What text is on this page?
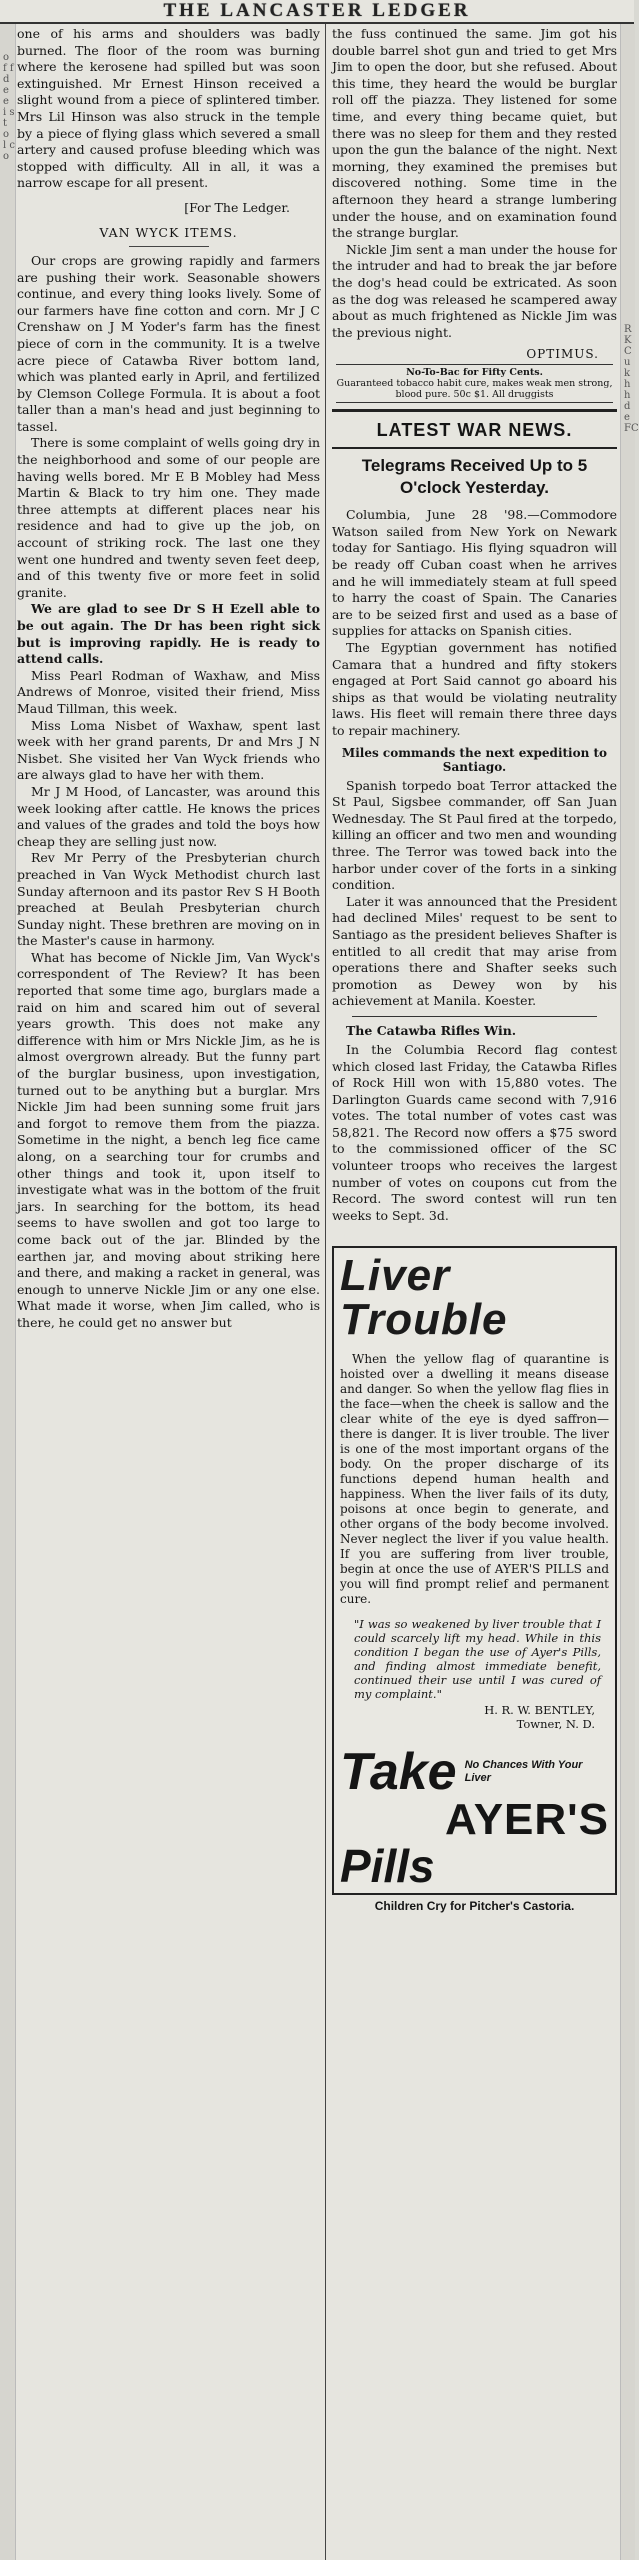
THE LANCASTER LEDGER
o f f d e e i s t o l c o
R K C u k h h d e FC

one of his arms and shoulders was badly burned. The floor of the room was burning where the kerosene had spilled but was soon extinguished. Mr Ernest Hinson received a slight wound from a piece of splintered timber. Mrs Lil Hinson was also struck in the temple by a piece of flying glass which severed a small artery and caused profuse bleeding which was stopped with difficulty. All in all, it was a narrow escape for all present.

[For The Ledger.
VAN WYCK ITEMS.

Our crops are growing rapidly and farmers are pushing their work. Seasonable showers continue, and every thing looks lively. Some of our farmers have fine cotton and corn. Mr J C Crenshaw on J M Yoder's farm has the finest piece of corn in the community. It is a twelve acre piece of Catawba River bottom land, which was planted early in April, and fertilized by Clemson College Formula. It is about a foot taller than a man's head and just beginning to tassel.

There is some complaint of wells going dry in the neighborhood and some of our people are having wells bored. Mr E B Mobley had Mess Martin & Black to try him one. They made three attempts at different places near his residence and had to give up the job, on account of striking rock. The last one they went one hundred and twenty seven feet deep, and of this twenty five or more feet in solid granite.

We are glad to see Dr S H Ezell able to be out again. The Dr has been right sick but is improving rapidly. He is ready to attend calls.

Miss Pearl Rodman of Waxhaw, and Miss Andrews of Monroe, visited their friend, Miss Maud Tillman, this week.

Miss Loma Nisbet of Waxhaw, spent last week with her grand parents, Dr and Mrs J N Nisbet. She visited her Van Wyck friends who are always glad to have her with them.

Mr J M Hood, of Lancaster, was around this week looking after cattle. He knows the prices and values of the grades and told the boys how cheap they are selling just now.

Rev Mr Perry of the Presbyterian church preached in Van Wyck Methodist church last Sunday afternoon and its pastor Rev S H Booth preached at Beulah Presbyterian church Sunday night. These brethren are moving on in the Master's cause in harmony.

What has become of Nickle Jim, Van Wyck's correspondent of The Review? It has been reported that some time ago, burglars made a raid on him and scared him out of several years growth. This does not make any difference with him or Mrs Nickle Jim, as he is almost overgrown already. But the funny part of the burglar business, upon investigation, turned out to be anything but a burglar. Mrs Nickle Jim had been sunning some fruit jars and forgot to remove them from the piazza. Sometime in the night, a bench leg fice came along, on a searching tour for crumbs and other things and took it, upon itself to investigate what was in the bottom of the fruit jars. In searching for the bottom, its head seems to have swollen and got too large to come back out of the jar. Blinded by the earthen jar, and moving about striking here and there, and making a racket in general, was enough to unnerve Nickle Jim or any one else. What made it worse, when Jim called, who is there, he could get no answer but

the fuss continued the same. Jim got his double barrel shot gun and tried to get Mrs Jim to open the door, but she refused. About this time, they heard the would be burglar roll off the piazza. They listened for some time, and every thing became quiet, but there was no sleep for them and they rested upon the gun the balance of the night. Next morning, they examined the premises but discovered nothing. Some time in the afternoon they heard a strange lumbering under the house, and on examination found the strange burglar.

Nickle Jim sent a man under the house for the intruder and had to break the jar before the dog's head could be extricated. As soon as the dog was released he scampered away about as much frightened as Nickle Jim was the previous night.

OPTIMUS.
No-To-Bac for Fifty Cents.
Guaranteed tobacco habit cure, makes weak men strong, blood pure. 50c $1. All druggists
LATEST WAR NEWS.
Telegrams Received Up to 5 O'clock Yesterday.

Columbia, June 28 '98.—Commodore Watson sailed from New York on Newark today for Santiago. His flying squadron will be ready off Cuban coast when he arrives and he will immediately steam at full speed to harry the coast of Spain. The Canaries are to be seized first and used as a base of supplies for attacks on Spanish cities.

The Egyptian government has notified Camara that a hundred and fifty stokers engaged at Port Said cannot go aboard his ships as that would be violating neutrality laws. His fleet will remain there three days to repair machinery.

Miles commands the next expedition to Santiago.

Spanish torpedo boat Terror attacked the St Paul, Sigsbee commander, off San Juan Wednesday. The St Paul fired at the torpedo, killing an officer and two men and wounding three. The Terror was towed back into the harbor under cover of the forts in a sinking condition.

Later it was announced that the President had declined Miles' request to be sent to Santiago as the president believes Shafter is entitled to all credit that may arise from operations there and Shafter seeks such promotion as Dewey won by his achievement at Manila. Koester.

The Catawba Rifles Win.

In the Columbia Record flag contest which closed last Friday, the Catawba Rifles of Rock Hill won with 15,880 votes. The Darlington Guards came second with 7,916 votes. The total number of votes cast was 58,821. The Record now offers a $75 sword to the commissioned officer of the SC volunteer troops who receives the largest number of votes on coupons cut from the Record. The sword contest will run ten weeks to Sept. 3d.

Liver
Trouble
When the yellow flag of quarantine is hoisted over a dwelling it means disease and danger. So when the yellow flag flies in the face—when the cheek is sallow and the clear white of the eye is dyed saffron—there is danger. It is liver trouble. The liver is one of the most important organs of the body. On the proper discharge of its functions depend human health and happiness. When the liver fails of its duty, poisons at once begin to generate, and other organs of the body become involved. Never neglect the liver if you value health. If you are suffering from liver trouble, begin at once the use of AYER'S PILLS and you will find prompt relief and permanent cure.
"I was so weakened by liver trouble that I could scarcely lift my head. While in this condition I began the use of Ayer's Pills, and finding almost immediate benefit, continued their use until I was cured of my complaint."
H. R. W. BENTLEY,
Towner, N. D.
Take No Chances With Your Liver
AYER'S
Pills
Children Cry for Pitcher's Castoria.
